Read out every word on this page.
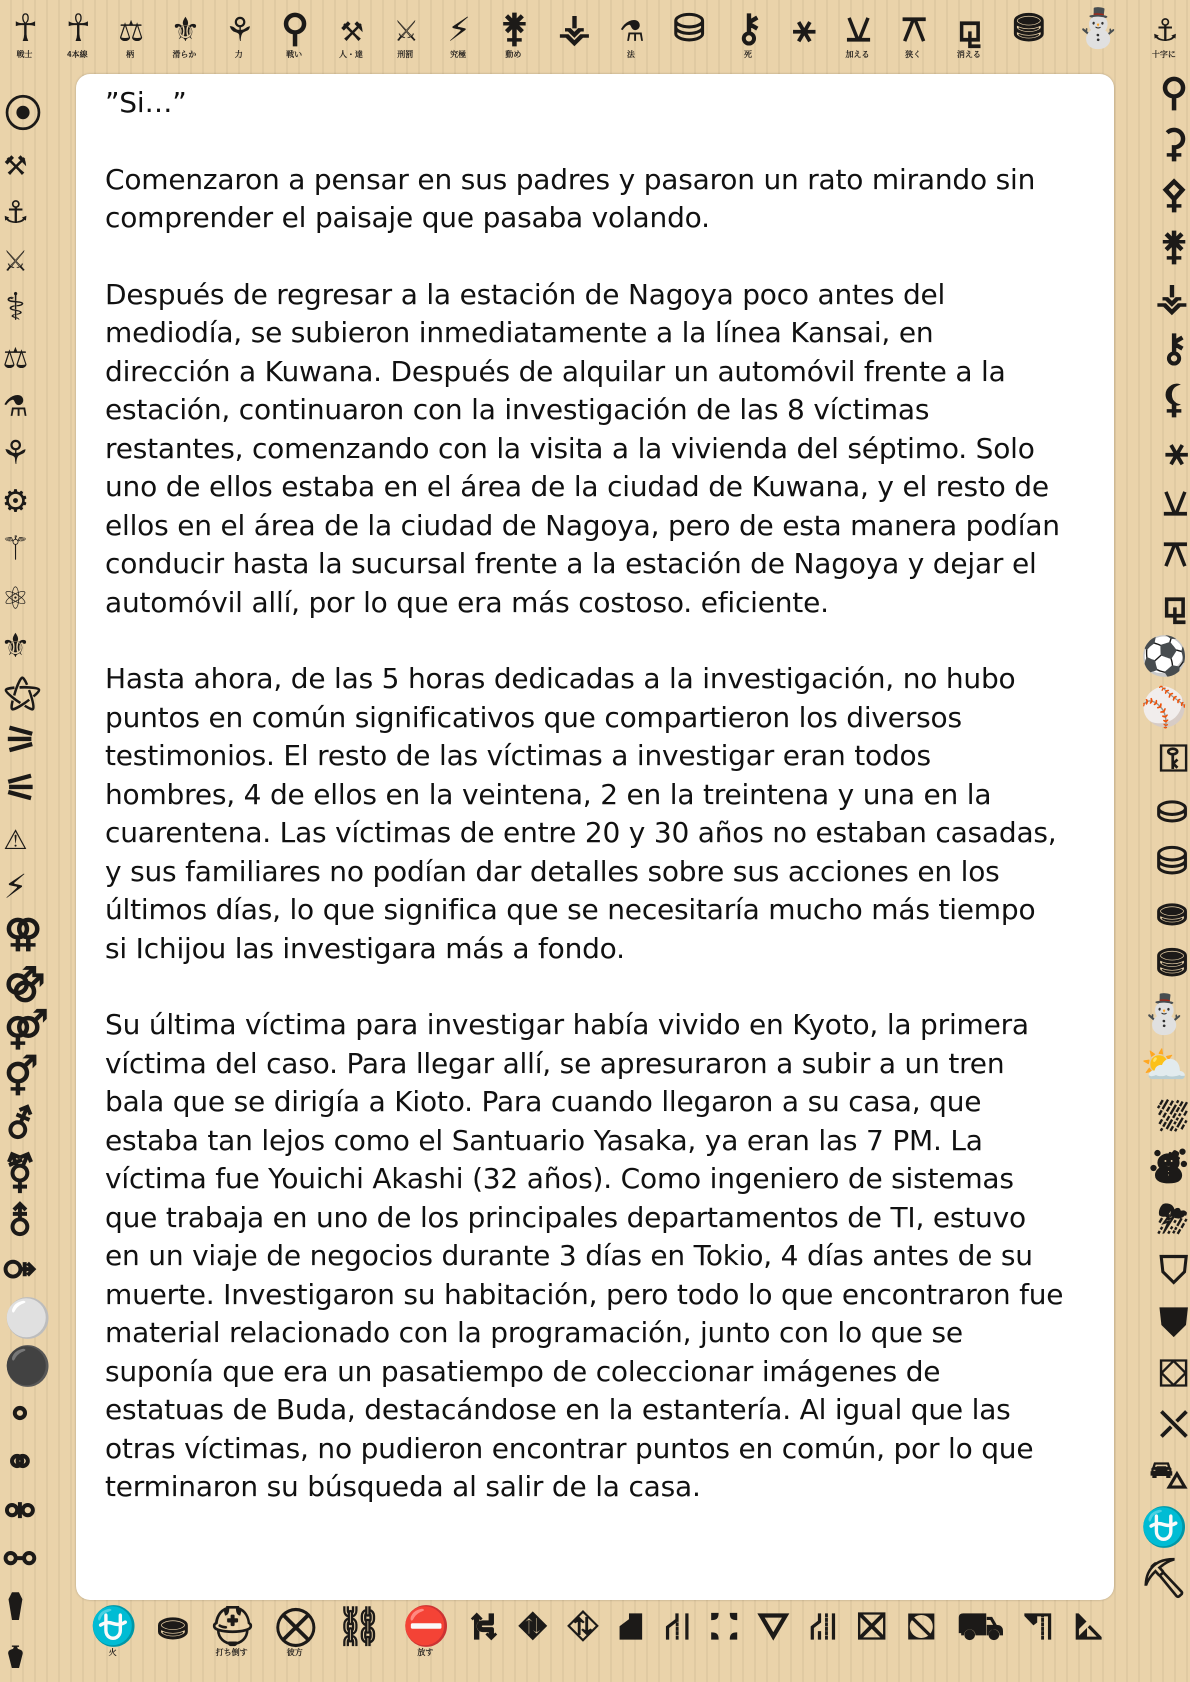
☥
戦士
☥
4本線
⚖
柄
⚜
滑らか
⚘
力
⚲
戦い
⚒
人・達
⚔
刑罰
⚡
究極
⚵
動め
⚶ ⚗
法
⛁ ⚷
死
⚹ ⚺
加える
⚻
狭く
⚼
消える
⛃ ⛄ ⚓
十字に
⛎
火
⛂ ⛑
打ち倒す
⛒
彼方
⛓ ⛔
放す
⛕ ⛖ ⛗ ⛘ ⛙ ⛚ ⛛ ⛜ ⛝ ⛞ ⛟ ⛠ ⛡
⦿
⚒
⚓
⚔
⚕
⚖
⚗
⚘
⚙
⚚
⚛
⚜
⚝
⚞
⚟
⚠
⚡
⚢
⚣
⚤
⚥
⚦
⚧
⚨
⚩
⚪
⚫
⚬
⚭
⚮
⚯
⚰
⚱
⚲
⚳
⚴
⚵
⚶
⚷
⚸
⚹
⚺
⚻
⚼
⚽
⚾
⚿
⛀
⛁
⛂
⛃
⛄
⛅
⛆
⛇
⛈
⛉
⛊
⛋
⛌
⛍
⛎
⛏

”Si…”

Comenzaron a pensar en sus padres y pasaron un rato mirando sin comprender el paisaje que pasaba volando.

Después de regresar a la estación de Nagoya poco antes del mediodía, se subieron inmediatamente a la línea Kansai, en dirección a Kuwana. Después de alquilar un automóvil frente a la estación, continuaron con la investigación de las 8 víctimas restantes, comenzando con la visita a la vivienda del séptimo. Solo uno de ellos estaba en el área de la ciudad de Kuwana, y el resto de ellos en el área de la ciudad de Nagoya, pero de esta manera podían conducir hasta la sucursal frente a la estación de Nagoya y dejar el automóvil allí, por lo que era más costoso. eficiente.

Hasta ahora, de las 5 horas dedicadas a la investigación, no hubo puntos en común significativos que compartieron los diversos testimonios. El resto de las víctimas a investigar eran todos hombres, 4 de ellos en la veintena, 2 en la treintena y una en la cuarentena. Las víctimas de entre 20 y 30 años no estaban casadas, y sus familiares no podían dar detalles sobre sus acciones en los últimos días, lo que significa que se necesitaría mucho más tiempo si Ichijou las investigara más a fondo.

Su última víctima para investigar había vivido en Kyoto, la primera víctima del caso. Para llegar allí, se apresuraron a subir a un tren bala que se dirigía a Kioto. Para cuando llegaron a su casa, que estaba tan lejos como el Santuario Yasaka, ya eran las 7 PM. La víctima fue Youichi Akashi (32 años). Como ingeniero de sistemas que trabaja en uno de los principales departamentos de TI, estuvo en un viaje de negocios durante 3 días en Tokio, 4 días antes de su muerte. Investigaron su habitación, pero todo lo que encontraron fue material relacionado con la programación, junto con lo que se suponía que era un pasatiempo de coleccionar imágenes de estatuas de Buda, destacándose en la estantería. Al igual que las otras víctimas, no pudieron encontrar puntos en común, por lo que terminaron su búsqueda al salir de la casa.
